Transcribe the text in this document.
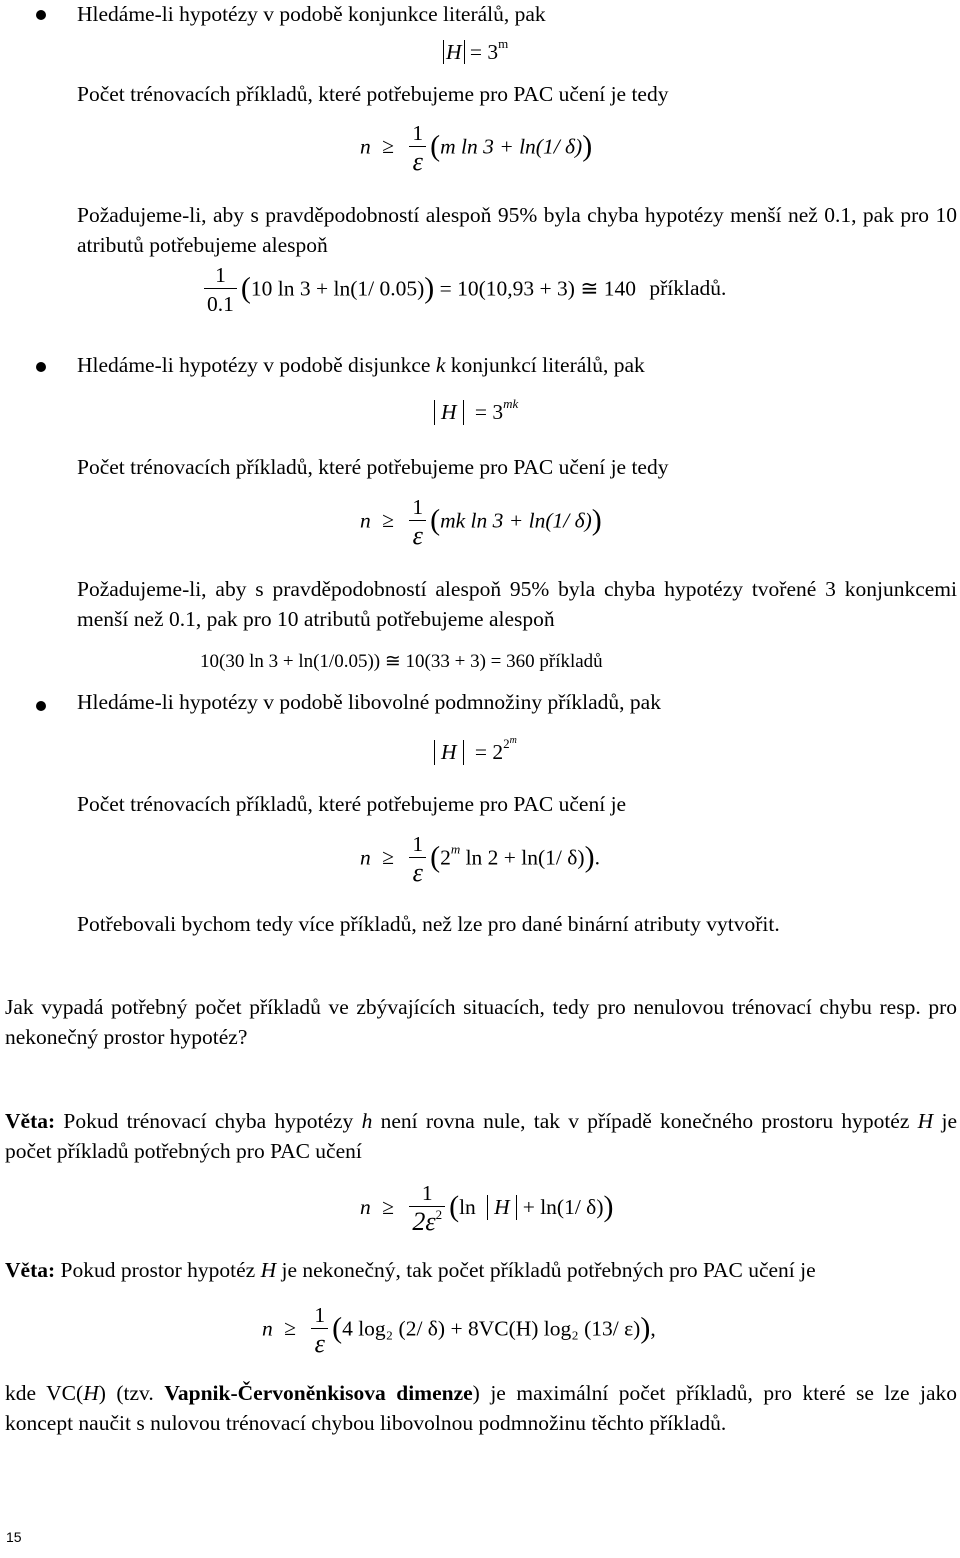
Hledáme-li hypotézy v podobě konjunkce literálů, pak
$H = 3^m$
Počet trénovacích příkladů, které potřebujeme pro PAC učení je tedy
$n \ge \frac{1}{\varepsilon} (m$ ln 3 + ln(1/ δ))
Požadujeme-li, aby s pravděpodobností alespoň 95% byla chyba hypotézy menší než 0.1, pak pro 10 atributů potřebujeme alespoň
$\frac{1}{0.1} (10$ ln 3 + ln(1/ 0.05)) = 10(10,93 + 3) ≅ 140 příkladů.
Hledáme-li hypotézy v podobě disjunkce k konjunkcí literálů, pak
$H = 3^{mk}$
Počet trénovacích příkladů, které potřebujeme pro PAC učení je tedy
$n \ge \frac{1}{\varepsilon} (mk$ ln 3 + ln(1/ δ))
Požadujeme-li, aby s pravděpodobností alespoň 95% byla chyba hypotézy tvořené 3 konjunkcemi menší než 0.1, pak pro 10 atributů potřebujeme alespoň
10(30 ln 3 + ln(1/0.05)) ≅ 10(33 + 3) = 360 příkladů
Hledáme-li hypotézy v podobě libovolné podmnožiny příkladů, pak
$H = 2^{2^m}$
Počet trénovacích příkladů, které potřebujeme pro PAC učení je
$n \ge \frac{1}{\varepsilon} (2^m$ ln 2 + ln(1/ δ)).
Potřebovali bychom tedy více příkladů, než lze pro dané binární atributy vytvořit.
Jak vypadá potřebný počet příkladů ve zbývajících situacích, tedy pro nenulovou trénovací chybu resp. pro nekonečný prostor hypotéz?
Věta: Pokud trénovací chyba hypotézy h není rovna nule, tak v případě konečného prostoru hypotéz H je počet příkladů potřebných pro PAC učení
$n \ge \frac{1}{2\varepsilon^2} (\ln$ H + ln(1/ δ))
Věta: Pokud prostor hypotéz H je nekonečný, tak počet příkladů potřebných pro PAC učení je
$n \ge \frac{1}{\varepsilon} (4$ log₂ (2/ δ) + 8VC(H) log₂ (13/ ε)),
kde VC(H) (tzv. Vapnik-Červoněnkisova dimenze) je maximální počet příkladů, pro které se lze jako koncept naučit s nulovou trénovací chybou libovolnou podmnožinu těchto příkladů.
15
